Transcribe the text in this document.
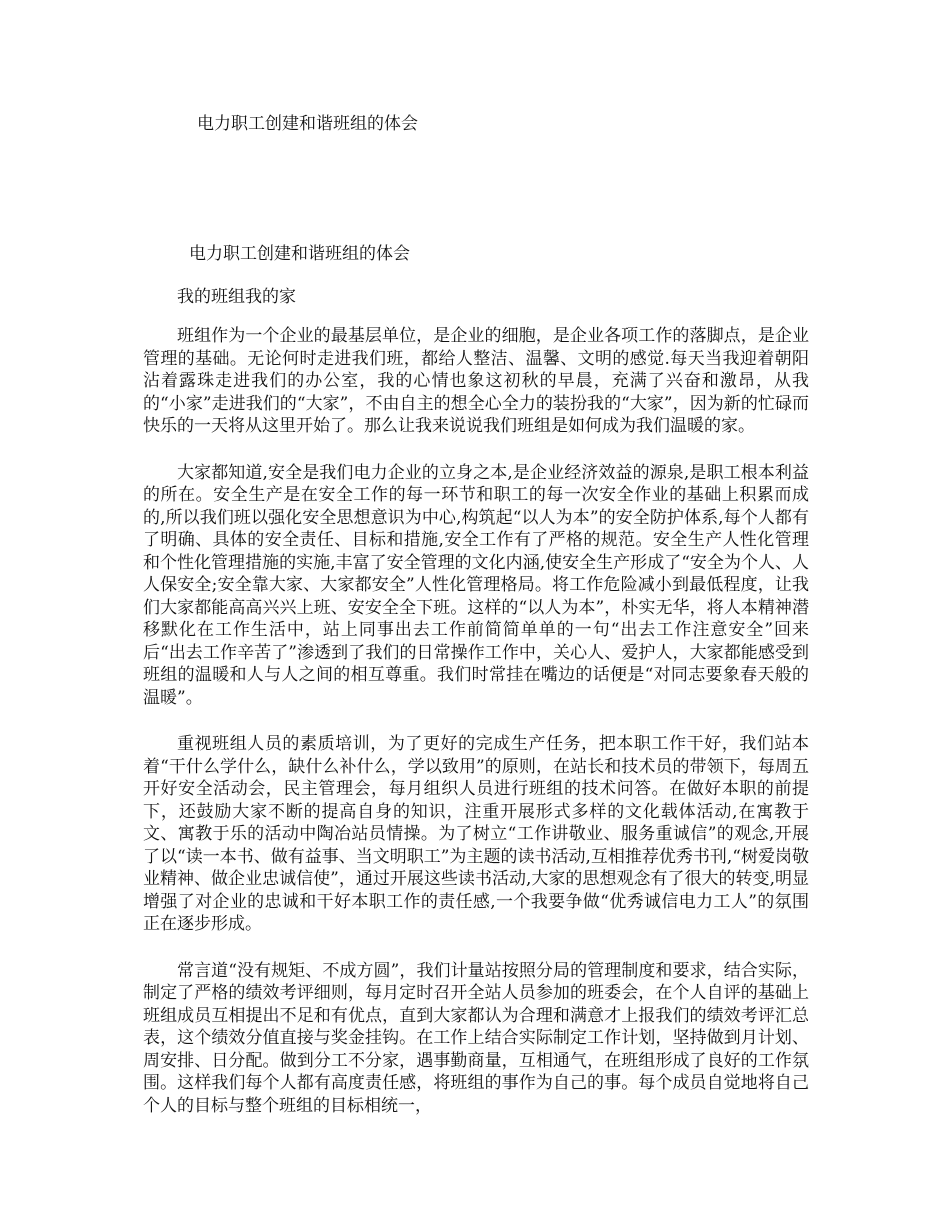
电力职工创建和谐班组的体会
电力职工创建和谐班组的体会

我的班组我的家

班组作为一个企业的最基层单位，是企业的细胞，是企业各项工作的落脚点，是企业管理的基础。无论何时走进我们班，都给人整洁、温馨、文明的感觉.每天当我迎着朝阳沾着露珠走进我们的办公室，我的心情也象这初秋的早晨，充满了兴奋和激昂，从我的“小家”走进我们的“大家”，不由自主的想全心全力的装扮我的“大家”，因为新的忙碌而快乐的一天将从这里开始了。那么让我来说说我们班组是如何成为我们温暖的家。

大家都知道,安全是我们电力企业的立身之本,是企业经济效益的源泉,是职工根本利益的所在。安全生产是在安全工作的每一环节和职工的每一次安全作业的基础上积累而成的,所以我们班以强化安全思想意识为中心,构筑起“以人为本”的安全防护体系,每个人都有了明确、具体的安全责任、目标和措施,安全工作有了严格的规范。安全生产人性化管理和个性化管理措施的实施,丰富了安全管理的文化内涵,使安全生产形成了“安全为个人、人人保安全;安全靠大家、大家都安全”人性化管理格局。将工作危险减小到最低程度，让我们大家都能高高兴兴上班、安安全全下班。这样的“以人为本”，朴实无华，将人本精神潜移默化在工作生活中，站上同事出去工作前简简单单的一句“出去工作注意安全”回来后“出去工作辛苦了”渗透到了我们的日常操作工作中，关心人、爱护人，大家都能感受到班组的温暖和人与人之间的相互尊重。我们时常挂在嘴边的话便是“对同志要象春天般的温暖”。

重视班组人员的素质培训，为了更好的完成生产任务，把本职工作干好，我们站本着“干什么学什么，缺什么补什么，学以致用”的原则，在站长和技术员的带领下，每周五开好安全活动会，民主管理会，每月组织人员进行班组的技术问答。在做好本职的前提下，还鼓励大家不断的提高自身的知识，注重开展形式多样的文化载体活动,在寓教于文、寓教于乐的活动中陶冶站员情操。为了树立“工作讲敬业、服务重诚信”的观念,开展了以“读一本书、做有益事、当文明职工”为主题的读书活动,互相推荐优秀书刊,“树爱岗敬业精神、做企业忠诚信使”，通过开展这些读书活动,大家的思想观念有了很大的转变,明显增强了对企业的忠诚和干好本职工作的责任感,一个我要争做“优秀诚信电力工人”的氛围正在逐步形成。

常言道“没有规矩、不成方圆”，我们计量站按照分局的管理制度和要求，结合实际，制定了严格的绩效考评细则，每月定时召开全站人员参加的班委会，在个人自评的基础上班组成员互相提出不足和有优点，直到大家都认为合理和满意才上报我们的绩效考评汇总表，这个绩效分值直接与奖金挂钩。在工作上结合实际制定工作计划，坚持做到月计划、周安排、日分配。做到分工不分家，遇事勤商量，互相通气，在班组形成了良好的工作氛围。这样我们每个人都有高度责任感，将班组的事作为自己的事。每个成员自觉地将自己个人的目标与整个班组的目标相统一，
